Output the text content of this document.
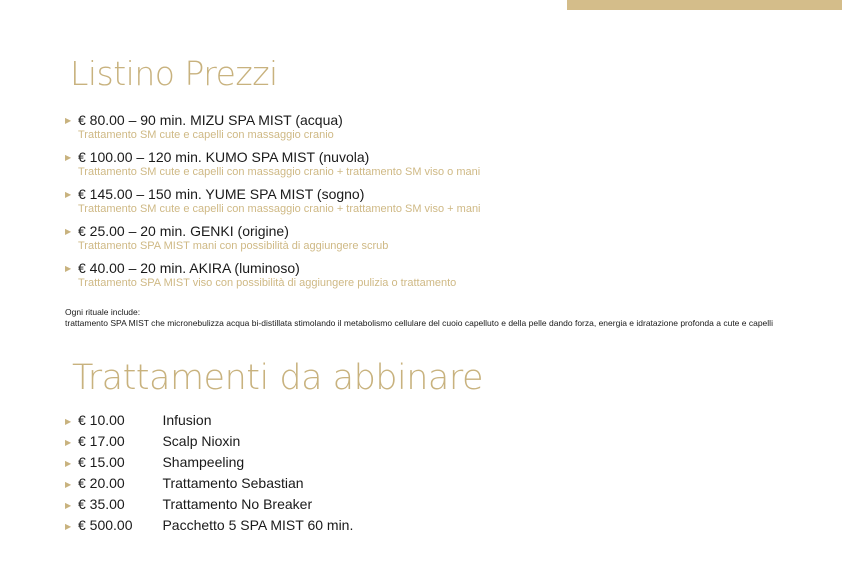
Listino Prezzi
▶ € 80.00 – 90 min. MIZU SPA MIST (acqua)
Trattamento SM cute e capelli con massaggio cranio
▶ € 100.00 – 120 min. KUMO SPA MIST (nuvola)
Trattamento SM cute e capelli con massaggio cranio + trattamento SM viso o mani
▶ € 145.00 – 150 min. YUME SPA MIST (sogno)
Trattamento SM cute e capelli con massaggio cranio + trattamento SM viso + mani
▶ € 25.00 – 20 min. GENKI (origine)
Trattamento SPA MIST mani con possibilità di aggiungere scrub
▶ € 40.00 – 20 min. AKIRA (luminoso)
Trattamento SPA MIST viso con possibilità di aggiungere pulizia o trattamento
Ogni rituale include:
trattamento SPA MIST che micronebulizza acqua bi-distillata stimolando il metabolismo cellulare del cuoio capelluto e della pelle dando forza, energia e idratazione profonda a cute e capelli
Trattamenti da abbinare
▶ € 10.00	Infusion
▶ € 17.00	Scalp Nioxin
▶ € 15.00	Shampeeling
▶ € 20.00	Trattamento Sebastian
▶ € 35.00	Trattamento No Breaker
▶ € 500.00 Pacchetto 5 SPA MIST 60 min.
